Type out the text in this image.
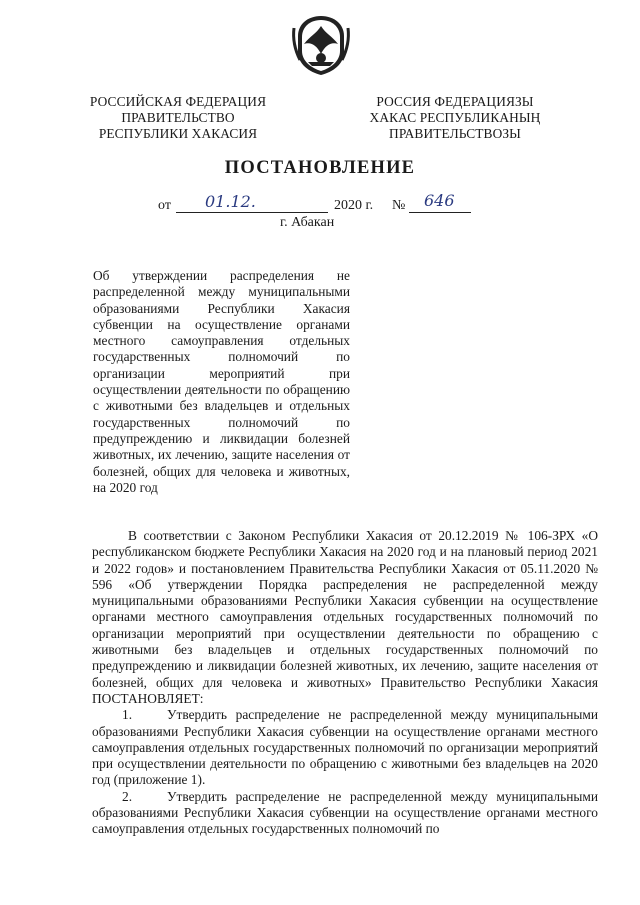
РОССИЙСКАЯ ФЕДЕРАЦИЯ
ПРАВИТЕЛЬСТВО
РЕСПУБЛИКИ ХАКАСИЯ
РОССИЯ ФЕДЕРАЦИЯЗЫ
ХАКАС РЕСПУБЛИКАНЫҢ
ПРАВИТЕЛЬСТВОЗЫ
ПОСТАНОВЛЕНИЕ
от 01.12.	2020 г. № 646
г. Абакан
Об утверждении распределения не распределенной между муниципальными образованиями Республики Хакасия субвенции на осуществление органами местного самоуправления отдельных государственных полномочий по организации мероприятий при осуществлении деятельности по обращению с животными без владельцев и отдельных государственных полномочий по предупреждению и ликвидации болезней животных, их лечению, защите населения от болезней, общих для человека и животных, на 2020 год

В соответствии с Законом Республики Хакасия от 20.12.2019 № 106-ЗРХ «О республиканском бюджете Республики Хакасия на 2020 год и на плановый период 2021 и 2022 годов» и постановлением Правительства Республики Хакасия от 05.11.2020 № 596 «Об утверждении Порядка распределения не распределенной между муниципальными образованиями Республики Хакасия субвенции на осуществление органами местного самоуправления отдельных государственных полномочий по организации мероприятий при осуществлении деятельности по обращению с животными без владельцев и отдельных государственных полномочий по предупреждению и ликвидации болезней животных, их лечению, защите населения от болезней, общих для человека и животных» Правительство Республики Хакасия ПОСТАНОВЛЯЕТ:

1.	Утвердить распределение не распределенной между муниципальными образованиями Республики Хакасия субвенции на осуществление органами местного самоуправления отдельных государственных полномочий по организации мероприятий при осуществлении деятельности по обращению с животными без владельцев на 2020 год (приложение 1).

2.	Утвердить распределение не распределенной между муниципальными образованиями Республики Хакасия субвенции на осуществление органами местного самоуправления отдельных государственных полномочий по
